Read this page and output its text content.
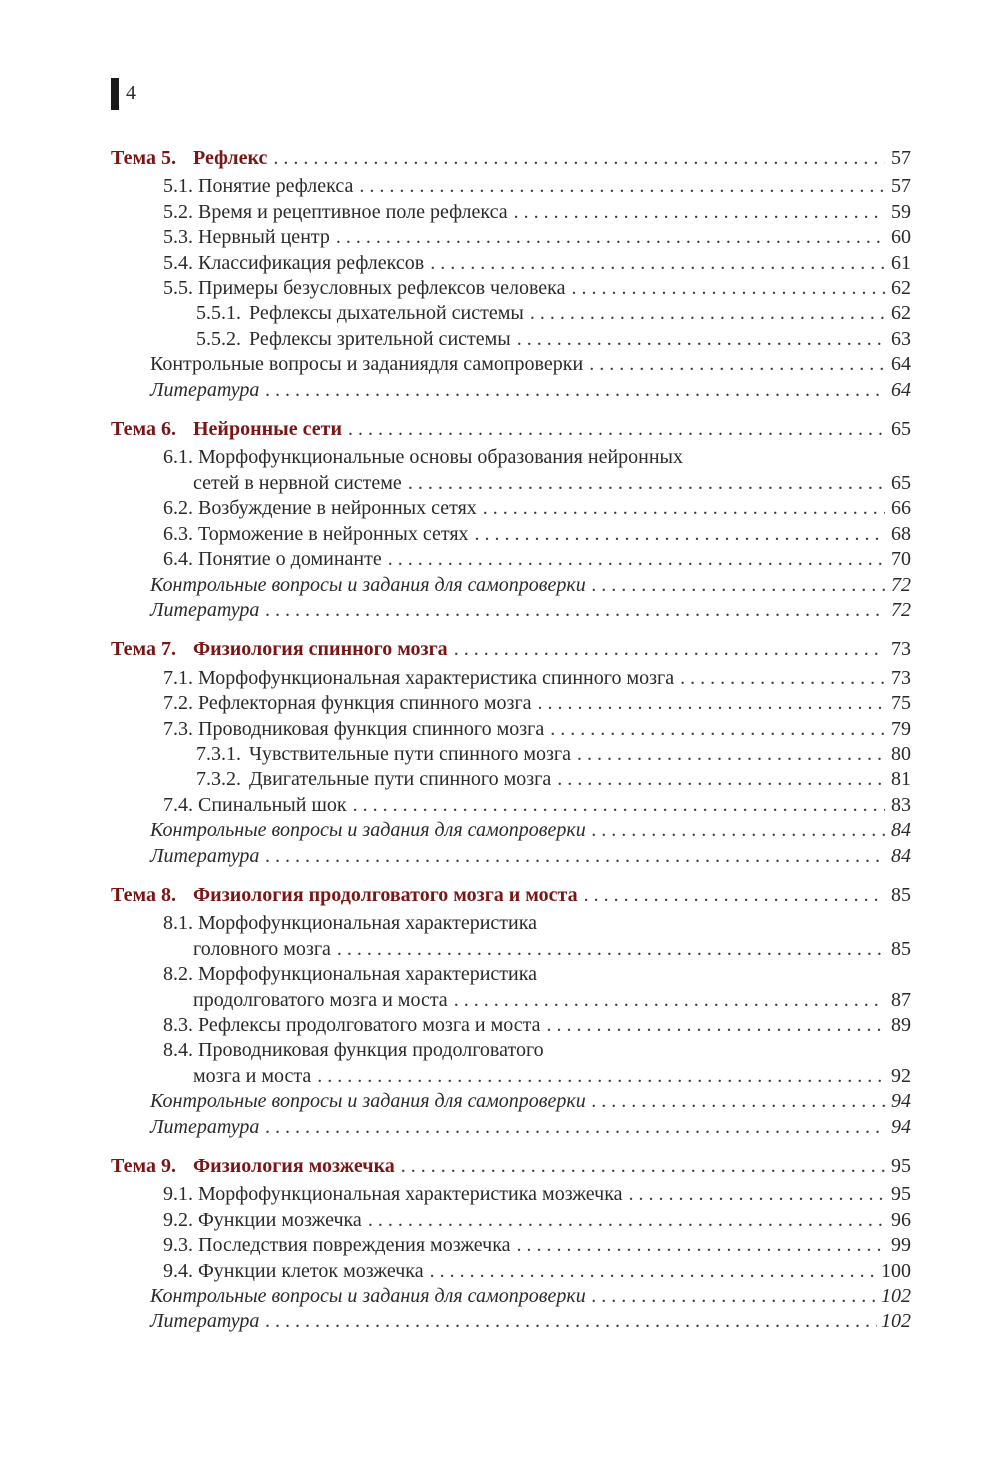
4
Тема 5. Рефлекс . . .	57
5.1. Понятие рефлекса . . .	57
5.2. Время и рецептивное поле рефлекса . . .	59
5.3. Нервный центр . . .	60
5.4. Классификация рефлексов . . .	61
5.5. Примеры безусловных рефлексов человека . . .	62
5.5.1. Рефлексы дыхательной системы . . .	62
5.5.2. Рефлексы зрительной системы . . .	63
Контрольные вопросы и заданиядля самопроверки . . .	64
Литература . . .	64
Тема 6. Нейронные сети . . .	65
6.1. Морфофункциональные основы образования нейронных
сетей в нервной системе . . .	65
6.2. Возбуждение в нейронных сетях . . .	66
6.3. Торможение в нейронных сетях . . .	68
6.4. Понятие о доминанте . . .	70
Контрольные вопросы и задания для самопроверки . . .	72
Литература . . .	72
Тема 7. Физиология спинного мозга . . .	73
7.1. Морфофункциональная характеристика спинного мозга . . .	73
7.2. Рефлекторная функция спинного мозга . . .	75
7.3. Проводниковая функция спинного мозга . . .	79
7.3.1. Чувствительные пути спинного мозга . . .	80
7.3.2. Двигательные пути спинного мозга . . .	81
7.4. Спинальный шок . . .	83
Контрольные вопросы и задания для самопроверки . . .	84
Литература . . .	84
Тема 8. Физиология продолговатого мозга и моста . . .	85
8.1. Морфофункциональная характеристика
головного мозга . . .	85
8.2. Морфофункциональная характеристика
продолговатого мозга и моста . . .	87
8.3. Рефлексы продолговатого мозга и моста . . .	89
8.4. Проводниковая функция продолговатого
мозга и моста . . .	92
Контрольные вопросы и задания для самопроверки . . .	94
Литература . . .	94
Тема 9. Физиология мозжечка . . .	95
9.1. Морфофункциональная характеристика мозжечка . . .	95
9.2. Функции мозжечка . . .	96
9.3. Последствия повреждения мозжечка . . .	99
9.4. Функции клеток мозжечка . . .	100
Контрольные вопросы и задания для самопроверки . . .	102
Литература . . .	102
